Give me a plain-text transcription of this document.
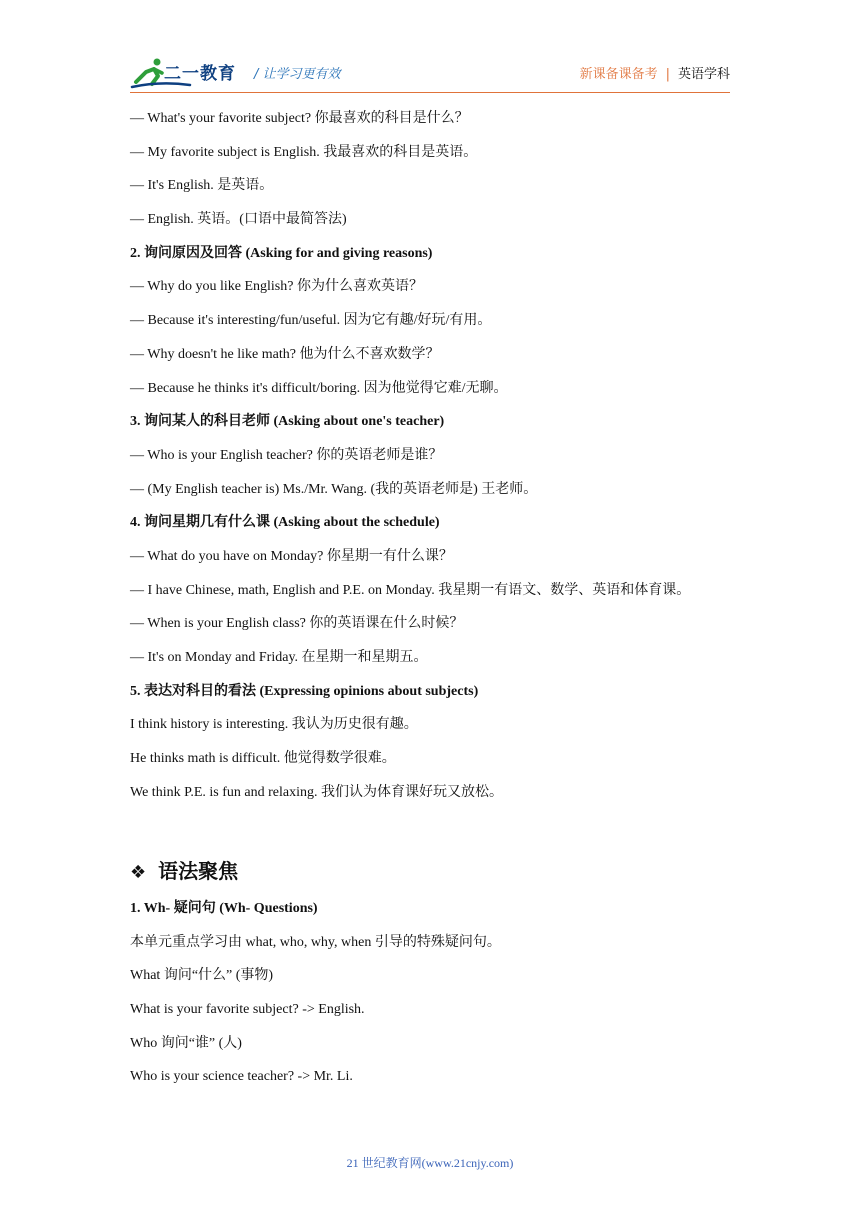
二一教育 / 让学习更有效	新课备课备考 | 英语学科
— What's your favorite subject? 你最喜欢的科目是什么？
— My favorite subject is English. 我最喜欢的科目是英语。
— It's English. 是英语。
— English. 英语。(口语中最简答法)
2. 询问原因及回答 (Asking for and giving reasons)
— Why do you like English? 你为什么喜欢英语？
— Because it's interesting/fun/useful. 因为它有趣/好玩/有用。
— Why doesn't he like math? 他为什么不喜欢数学？
— Because he thinks it's difficult/boring. 因为他觉得它难/无聊。
3. 询问某人的科目老师 (Asking about one's teacher)
— Who is your English teacher? 你的英语老师是谁？
— (My English teacher is) Ms./Mr. Wang. (我的英语老师是) 王老师。
4. 询问星期几有什么课 (Asking about the schedule)
— What do you have on Monday? 你星期一有什么课？
— I have Chinese, math, English and P.E. on Monday. 我星期一有语文、数学、英语和体育课。
— When is your English class? 你的英语课在什么时候？
— It's on Monday and Friday. 在星期一和星期五。
5. 表达对科目的看法 (Expressing opinions about subjects)
I think history is interesting. 我认为历史很有趣。
He thinks math is difficult. 他觉得数学很难。
We think P.E. is fun and relaxing. 我们认为体育课好玩又放松。
❖ 语法聚焦
1. Wh- 疑问句 (Wh- Questions)
本单元重点学习由 what, who, why, when 引导的特殊疑问句。
What 询问“什么” (事物)
What is your favorite subject? -> English.
Who 询问“谁” (人)
Who is your science teacher? -> Mr. Li.
21 世纪教育网(www.21cnjy.com)
